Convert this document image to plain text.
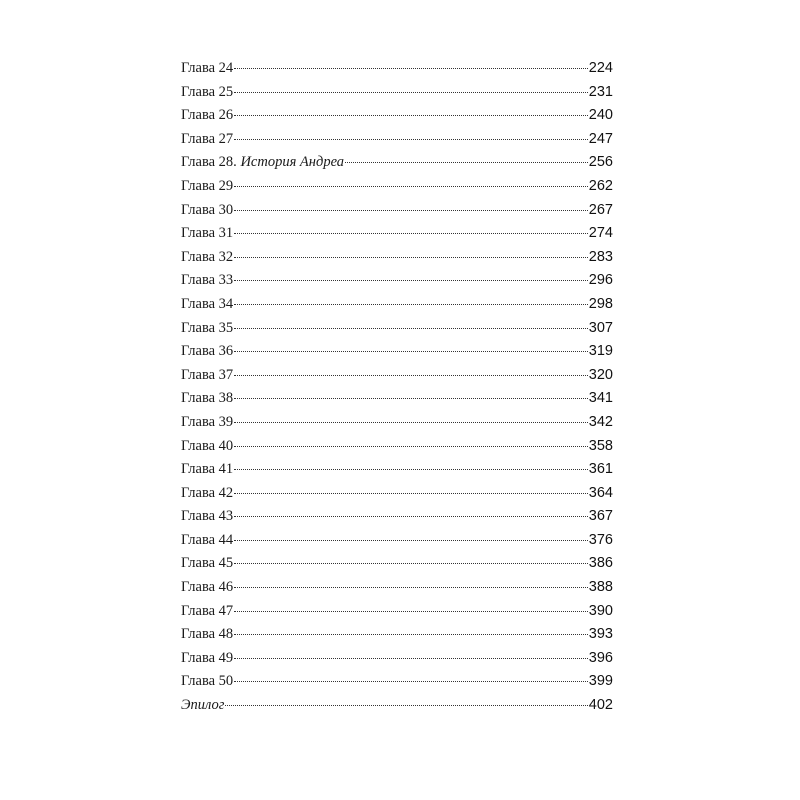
Глава 24	224
Глава 25	231
Глава 26	240
Глава 27	247
Глава 28. История Андреа	256
Глава 29	262
Глава 30	267
Глава 31	274
Глава 32	283
Глава 33	296
Глава 34	298
Глава 35	307
Глава 36	319
Глава 37	320
Глава 38	341
Глава 39	342
Глава 40	358
Глава 41	361
Глава 42	364
Глава 43	367
Глава 44	376
Глава 45	386
Глава 46	388
Глава 47	390
Глава 48	393
Глава 49	396
Глава 50	399
Эпилог	402
